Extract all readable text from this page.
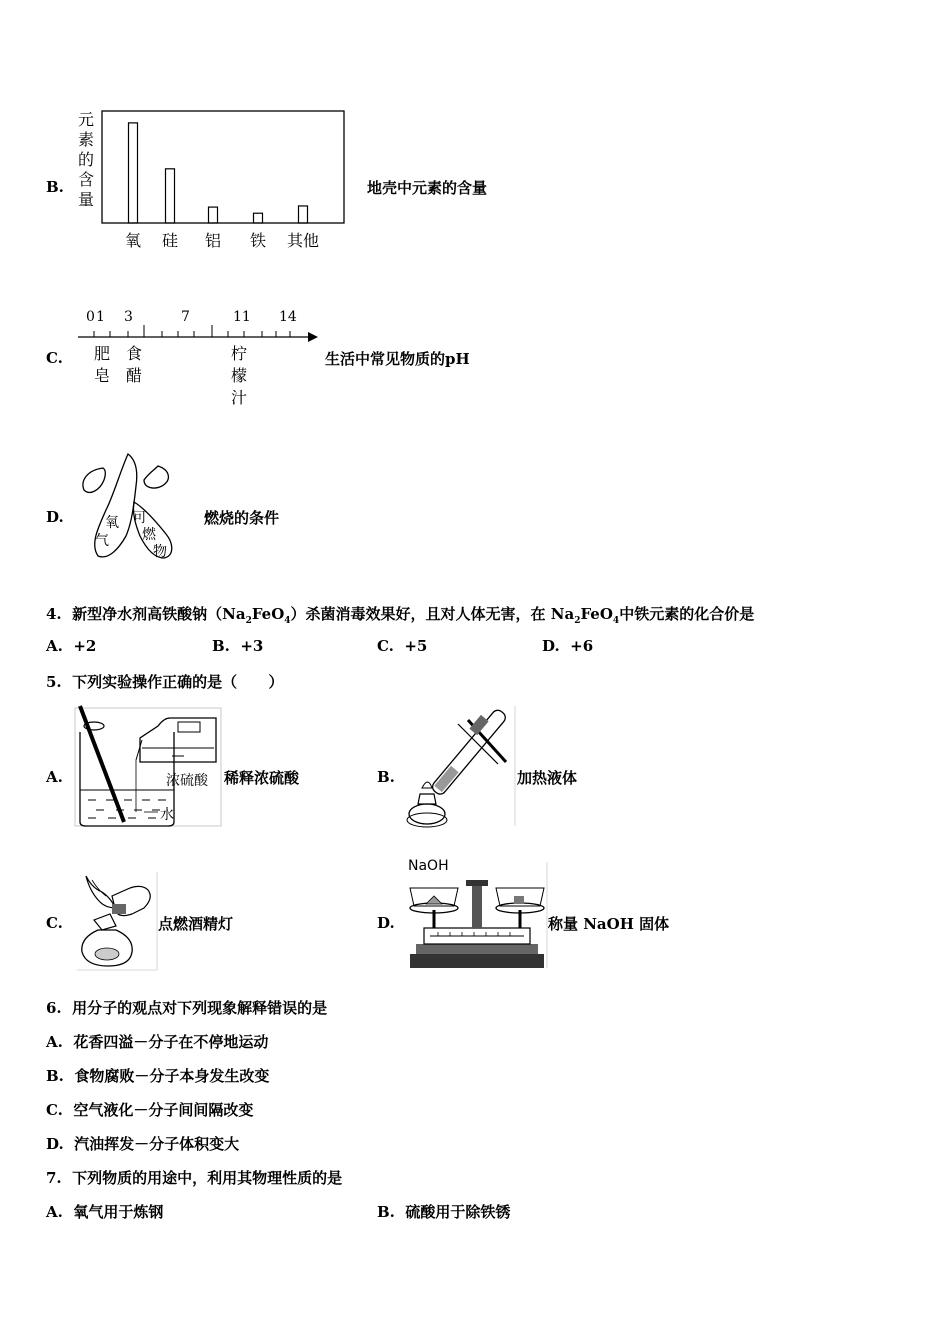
B.
元素的含量
氧 硅 铝 铁 其他
地壳中元素的含量
C.
0 1 3	7	11 14
肥
皂
食
醋
柠
檬
汁
生活中常见物质的pH
D.	氧
气
可
燃
物
燃烧的条件
4. 新型净水剂高铁酸钠$(Na_2FeO_4)$杀菌消毒效果好，且对人体无害，在 $Na_2FeO_4$中铁元素的化合价是
A. +2	B. +3	C. +5	D. +6
5.  下列实验操作正确的是（      ）
A.	浓硫酸
水
稀释浓硫酸	B.	加热液体
C.	点燃酒精灯	D.
NaOH
称量 NaOH 固体
6.  用分子的观点对下列现象解释错误的是
A. 花香四溢－分子在不停地运动
B. 食物腐败－分子本身发生改变
C. 空气液化－分子间间隔改变
D. 汽油挥发－分子体积变大
7.  下列物质的用途中，利用其物理性质的是
A. 氧气用于炼钢	B. 硫酸用于除铁锈
